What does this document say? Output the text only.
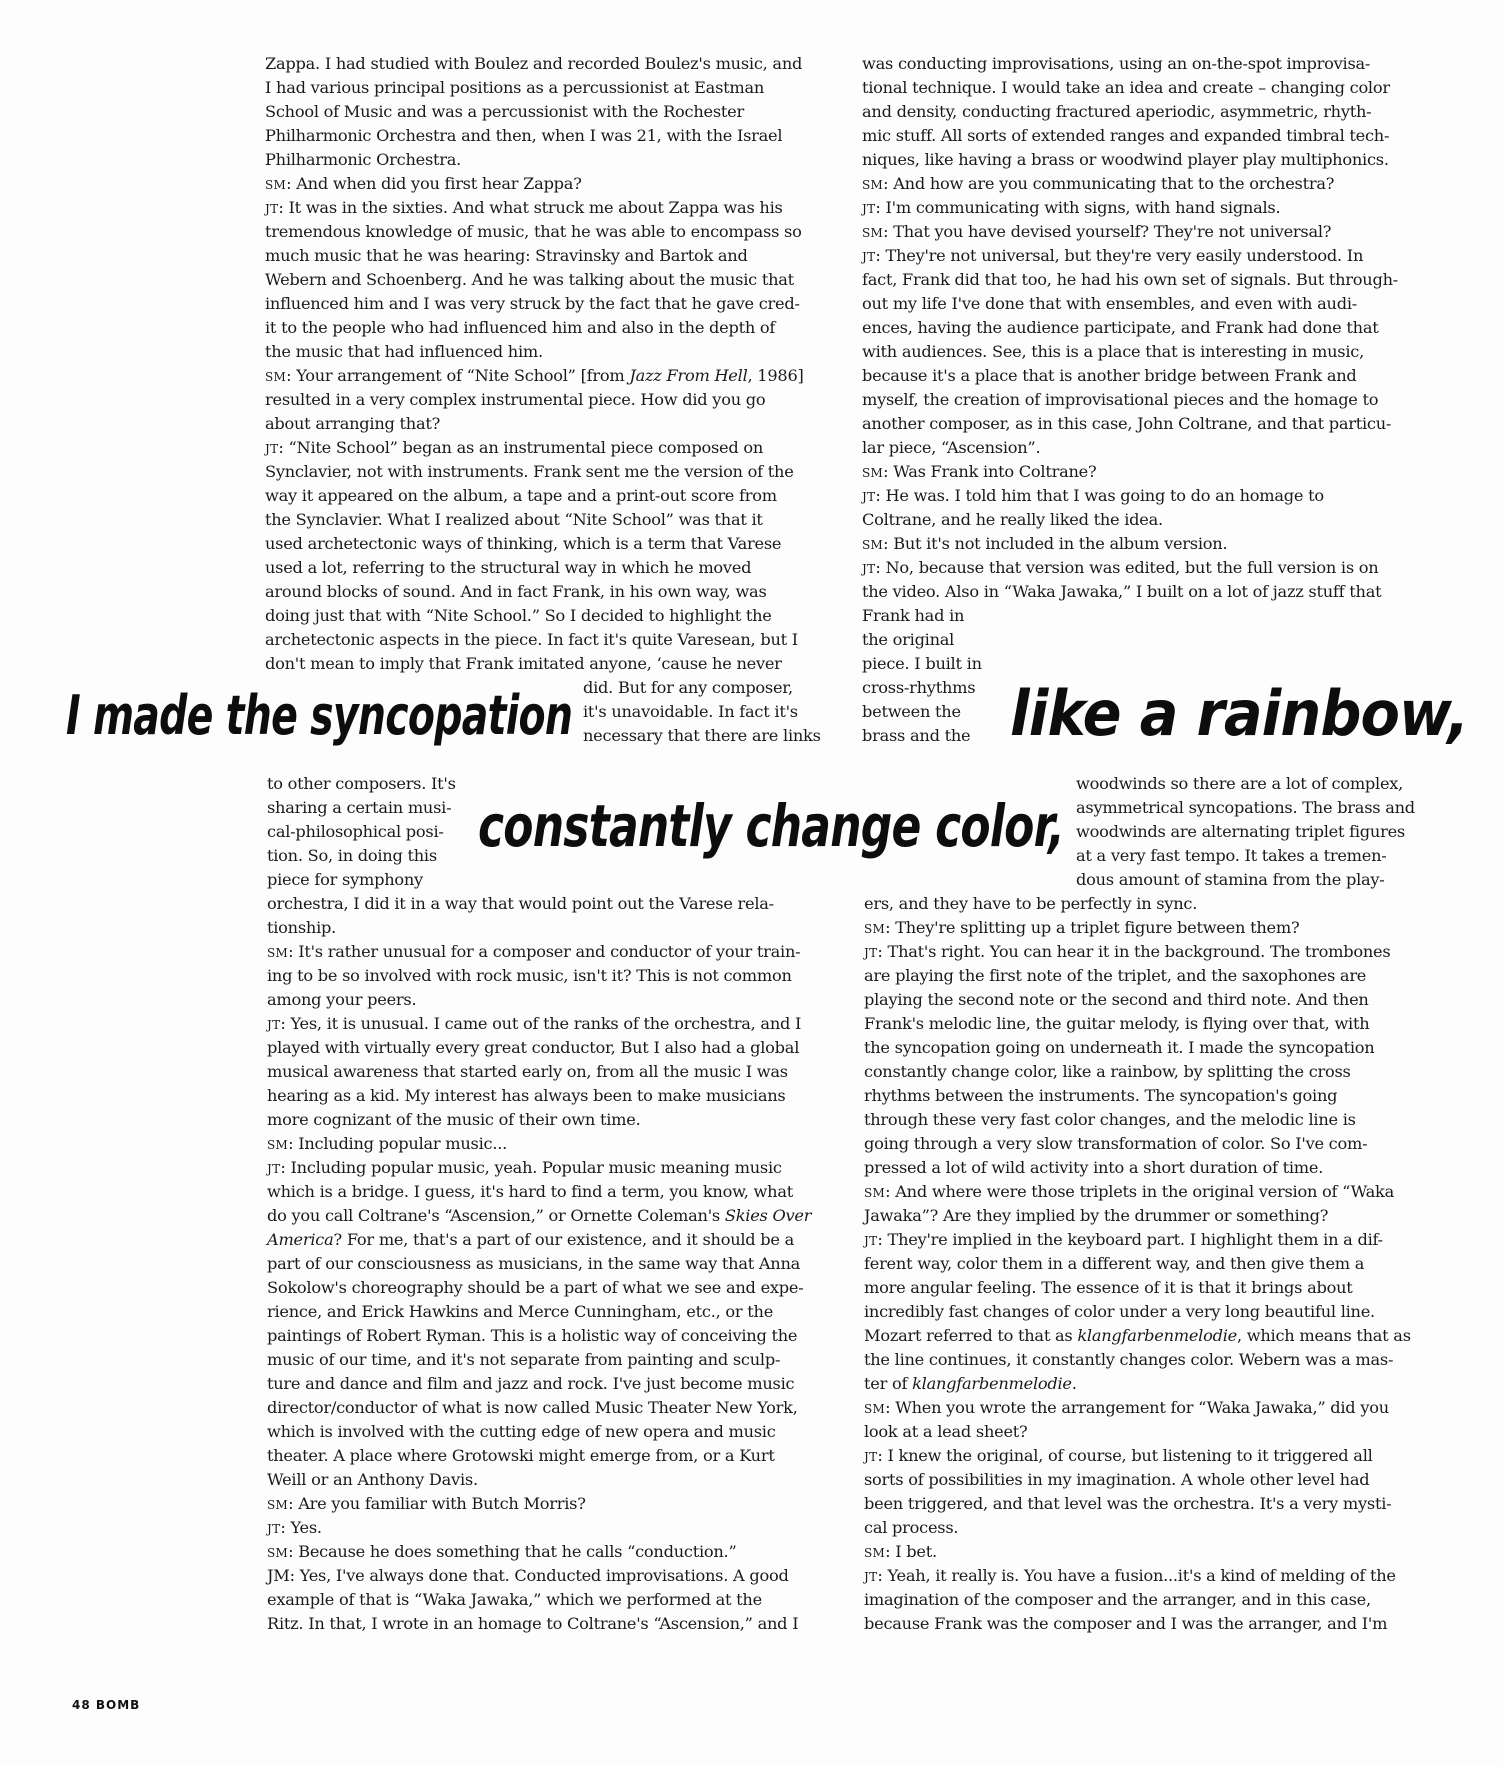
Zappa. I had studied with Boulez and recorded Boulez's music, and
I had various principal positions as a percussionist at Eastman
School of Music and was a percussionist with the Rochester
Philharmonic Orchestra and then, when I was 21, with the Israel
Philharmonic Orchestra.
sm: And when did you first hear Zappa?
jt: It was in the sixties. And what struck me about Zappa was his
tremendous knowledge of music, that he was able to encompass so
much music that he was hearing: Stravinsky and Bartok and
Webern and Schoenberg. And he was talking about the music that
influenced him and I was very struck by the fact that he gave cred-
it to the people who had influenced him and also in the depth of
the music that had influenced him.
sm: Your arrangement of “Nite School” [from Jazz From Hell, 1986]
resulted in a very complex instrumental piece. How did you go
about arranging that?
jt: “Nite School” began as an instrumental piece composed on
Synclavier, not with instruments. Frank sent me the version of the
way it appeared on the album, a tape and a print-out score from
the Synclavier. What I realized about “Nite School” was that it
used archetectonic ways of thinking, which is a term that Varese
used a lot, referring to the structural way in which he moved
around blocks of sound. And in fact Frank, in his own way, was
doing just that with “Nite School.” So I decided to highlight the
archetectonic aspects in the piece. In fact it's quite Varesean, but I
don't mean to imply that Frank imitated anyone, ‘cause he never
did. But for any composer,
it's unavoidable. In fact it's
necessary that there are links
to other composers. It's
sharing a certain musi-
cal-philosophical posi-
tion. So, in doing this
piece for symphony
orchestra, I did it in a way that would point out the Varese rela-
tionship.
sm: It's rather unusual for a composer and conductor of your train-
ing to be so involved with rock music, isn't it? This is not common
among your peers.
jt: Yes, it is unusual. I came out of the ranks of the orchestra, and I
played with virtually every great conductor, But I also had a global
musical awareness that started early on, from all the music I was
hearing as a kid. My interest has always been to make musicians
more cognizant of the music of their own time.
sm: Including popular music...
jt: Including popular music, yeah. Popular music meaning music
which is a bridge. I guess, it's hard to find a term, you know, what
do you call Coltrane's “Ascension,” or Ornette Coleman's Skies Over
America? For me, that's a part of our existence, and it should be a
part of our consciousness as musicians, in the same way that Anna
Sokolow's choreography should be a part of what we see and expe-
rience, and Erick Hawkins and Merce Cunningham, etc., or the
paintings of Robert Ryman. This is a holistic way of conceiving the
music of our time, and it's not separate from painting and sculp-
ture and dance and film and jazz and rock. I've just become music
director/conductor of what is now called Music Theater New York,
which is involved with the cutting edge of new opera and music
theater. A place where Grotowski might emerge from, or a Kurt
Weill or an Anthony Davis.
sm: Are you familiar with Butch Morris?
jt: Yes.
sm: Because he does something that he calls “conduction.”
JM: Yes, I've always done that. Conducted improvisations. A good
example of that is “Waka Jawaka,” which we performed at the
Ritz. In that, I wrote in an homage to Coltrane's “Ascension,” and I
was conducting improvisations, using an on-the-spot improvisa-
tional technique. I would take an idea and create – changing color
and density, conducting fractured aperiodic, asymmetric, rhyth-
mic stuff. All sorts of extended ranges and expanded timbral tech-
niques, like having a brass or woodwind player play multiphonics.
sm: And how are you communicating that to the orchestra?
jt: I'm communicating with signs, with hand signals.
sm: That you have devised yourself? They're not universal?
jt: They're not universal, but they're very easily understood. In
fact, Frank did that too, he had his own set of signals. But through-
out my life I've done that with ensembles, and even with audi-
ences, having the audience participate, and Frank had done that
with audiences. See, this is a place that is interesting in music,
because it's a place that is another bridge between Frank and
myself, the creation of improvisational pieces and the homage to
another composer, as in this case, John Coltrane, and that particu-
lar piece, “Ascension”.
sm: Was Frank into Coltrane?
jt: He was. I told him that I was going to do an homage to
Coltrane, and he really liked the idea.
sm: But it's not included in the album version.
jt: No, because that version was edited, but the full version is on
the video. Also in “Waka Jawaka,” I built on a lot of jazz stuff that
Frank had in
the original
piece. I built in
cross-rhythms
between the
brass and the
woodwinds so there are a lot of complex,
asymmetrical syncopations. The brass and
woodwinds are alternating triplet figures
at a very fast tempo. It takes a tremen-
dous amount of stamina from the play-
ers, and they have to be perfectly in sync.
sm: They're splitting up a triplet figure between them?
jt: That's right. You can hear it in the background. The trombones
are playing the first note of the triplet, and the saxophones are
playing the second note or the second and third note. And then
Frank's melodic line, the guitar melody, is flying over that, with
the syncopation going on underneath it. I made the syncopation
constantly change color, like a rainbow, by splitting the cross
rhythms between the instruments. The syncopation's going
through these very fast color changes, and the melodic line is
going through a very slow transformation of color. So I've com-
pressed a lot of wild activity into a short duration of time.
sm: And where were those triplets in the original version of “Waka
Jawaka”? Are they implied by the drummer or something?
jt: They're implied in the keyboard part. I highlight them in a dif-
ferent way, color them in a different way, and then give them a
more angular feeling. The essence of it is that it brings about
incredibly fast changes of color under a very long beautiful line.
Mozart referred to that as klangfarbenmelodie, which means that as
the line continues, it constantly changes color. Webern was a mas-
ter of klangfarbenmelodie.
sm: When you wrote the arrangement for “Waka Jawaka,” did you
look at a lead sheet?
jt: I knew the original, of course, but listening to it triggered all
sorts of possibilities in my imagination. A whole other level had
been triggered, and that level was the orchestra. It's a very mysti-
cal process.
sm: I bet.
jt: Yeah, it really is. You have a fusion...it's a kind of melding of the
imagination of the composer and the arranger, and in this case,
because Frank was the composer and I was the arranger, and I'm
I made the syncopation	like a rainbow,
constantly change color,
48 BOMB
